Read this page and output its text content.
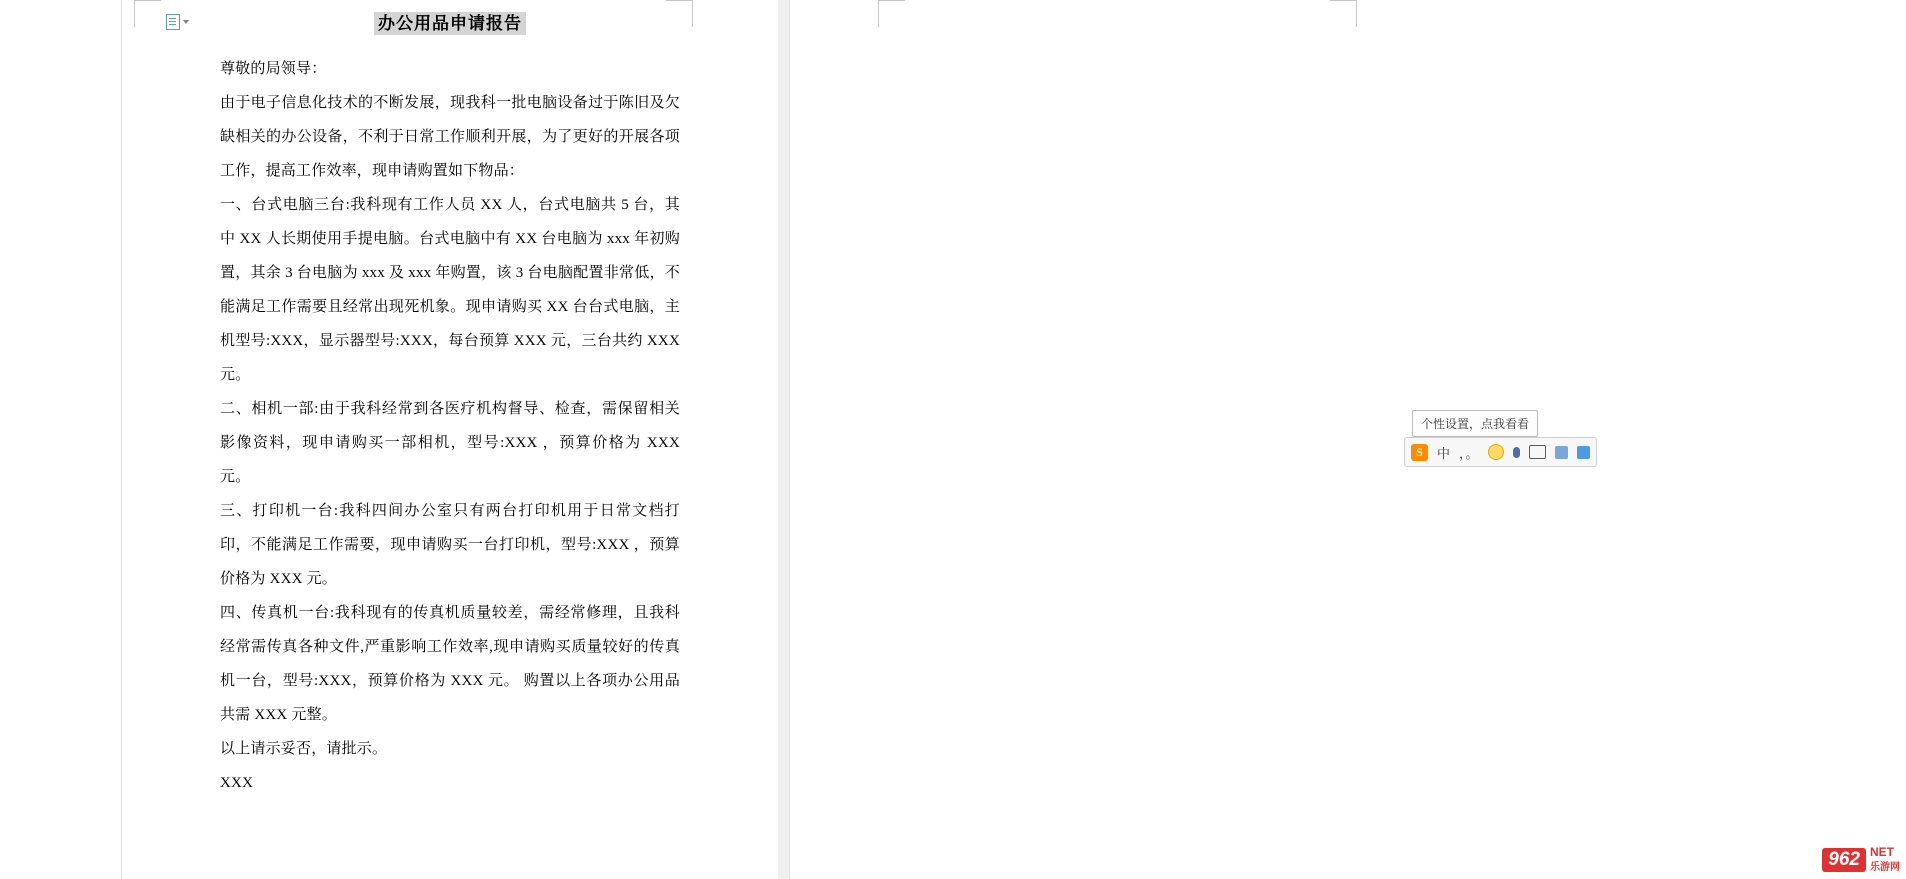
办公用品申请报告

尊敬的局领导：

由于电子信息化技术的不断发展，现我科一批电脑设备过于陈旧及欠缺相关的办公设备，不利于日常工作顺利开展，为了更好的开展各项工作，提高工作效率，现申请购置如下物品：

一、台式电脑三台:我科现有工作人员 XX 人，台式电脑共 5 台，其中 XX 人长期使用手提电脑。台式电脑中有 XX 台电脑为 xxx 年初购置，其余 3 台电脑为 xxx 及 xxx 年购置，该 3 台电脑配置非常低，不能满足工作需要且经常出现死机象。现申请购买 XX 台台式电脑，主机型号:XXX，显示器型号:XXX，每台预算 XXX 元，三台共约 XXX 元。

二、相机一部:由于我科经常到各医疗机构督导、检查，需保留相关影像资料，现申请购买一部相机，型号:XXX ，预算价格为 XXX 元。

三、打印机一台:我科四间办公室只有两台打印机用于日常文档打印，不能满足工作需要，现申请购买一台打印机，型号:XXX ，预算价格为 XXX 元。

四、传真机一台:我科现有的传真机质量较差，需经常修理，且我科经常需传真各种文件,严重影响工作效率,现申请购买质量较好的传真机一台，型号:XXX，预算价格为 XXX 元。 购置以上各项办公用品共需 XXX 元整。

以上请示妥否，请批示。

XXX

个性设置，点我看看
S	中 ，。
962 NET
乐游网
